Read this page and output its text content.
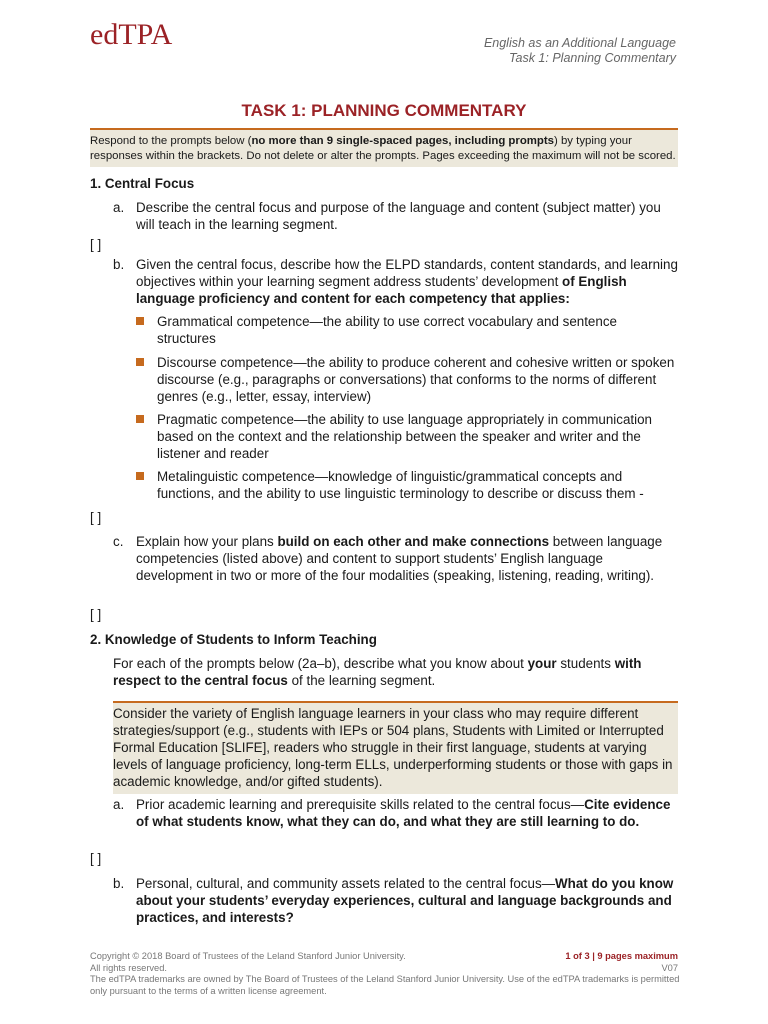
edTPA	English as an Additional Language
Task 1: Planning Commentary
TASK 1: PLANNING COMMENTARY
Respond to the prompts below (no more than 9 single-spaced pages, including prompts) by typing your responses within the brackets. Do not delete or alter the prompts. Pages exceeding the maximum will not be scored.
1. Central Focus
a. Describe the central focus and purpose of the language and content (subject matter) you will teach in the learning segment.
[ ]
b. Given the central focus, describe how the ELPD standards, content standards, and learning objectives within your learning segment address students’ development of English language proficiency and content for each competency that applies:
Grammatical competence—the ability to use correct vocabulary and sentence structures
Discourse competence—the ability to produce coherent and cohesive written or spoken discourse (e.g., paragraphs or conversations) that conforms to the norms of different genres (e.g., letter, essay, interview)
Pragmatic competence—the ability to use language appropriately in communication based on the context and the relationship between the speaker and writer and the listener and reader
Metalinguistic competence—knowledge of linguistic/grammatical concepts and functions, and the ability to use linguistic terminology to describe or discuss them -
[ ]
c. Explain how your plans build on each other and make connections between language competencies (listed above) and content to support students’ English language development in two or more of the four modalities (speaking, listening, reading, writing).
[ ]
2. Knowledge of Students to Inform Teaching
For each of the prompts below (2a–b), describe what you know about your students with respect to the central focus of the learning segment.
Consider the variety of English language learners in your class who may require different strategies/support (e.g., students with IEPs or 504 plans, Students with Limited or Interrupted Formal Education [SLIFE], readers who struggle in their first language, students at varying levels of language proficiency, long-term ELLs, underperforming students or those with gaps in academic knowledge, and/or gifted students).
a. Prior academic learning and prerequisite skills related to the central focus—Cite evidence of what students know, what they can do, and what they are still learning to do.
[ ]
b. Personal, cultural, and community assets related to the central focus—What do you know about your students’ everyday experiences, cultural and language backgrounds and practices, and interests?
Copyright © 2018 Board of Trustees of the Leland Stanford Junior University.
All rights reserved.
The edTPA trademarks are owned by The Board of Trustees of the Leland Stanford Junior University. Use of the edTPA trademarks is permitted only pursuant to the terms of a written license agreement.
1 of 3 | 9 pages maximum
V07
